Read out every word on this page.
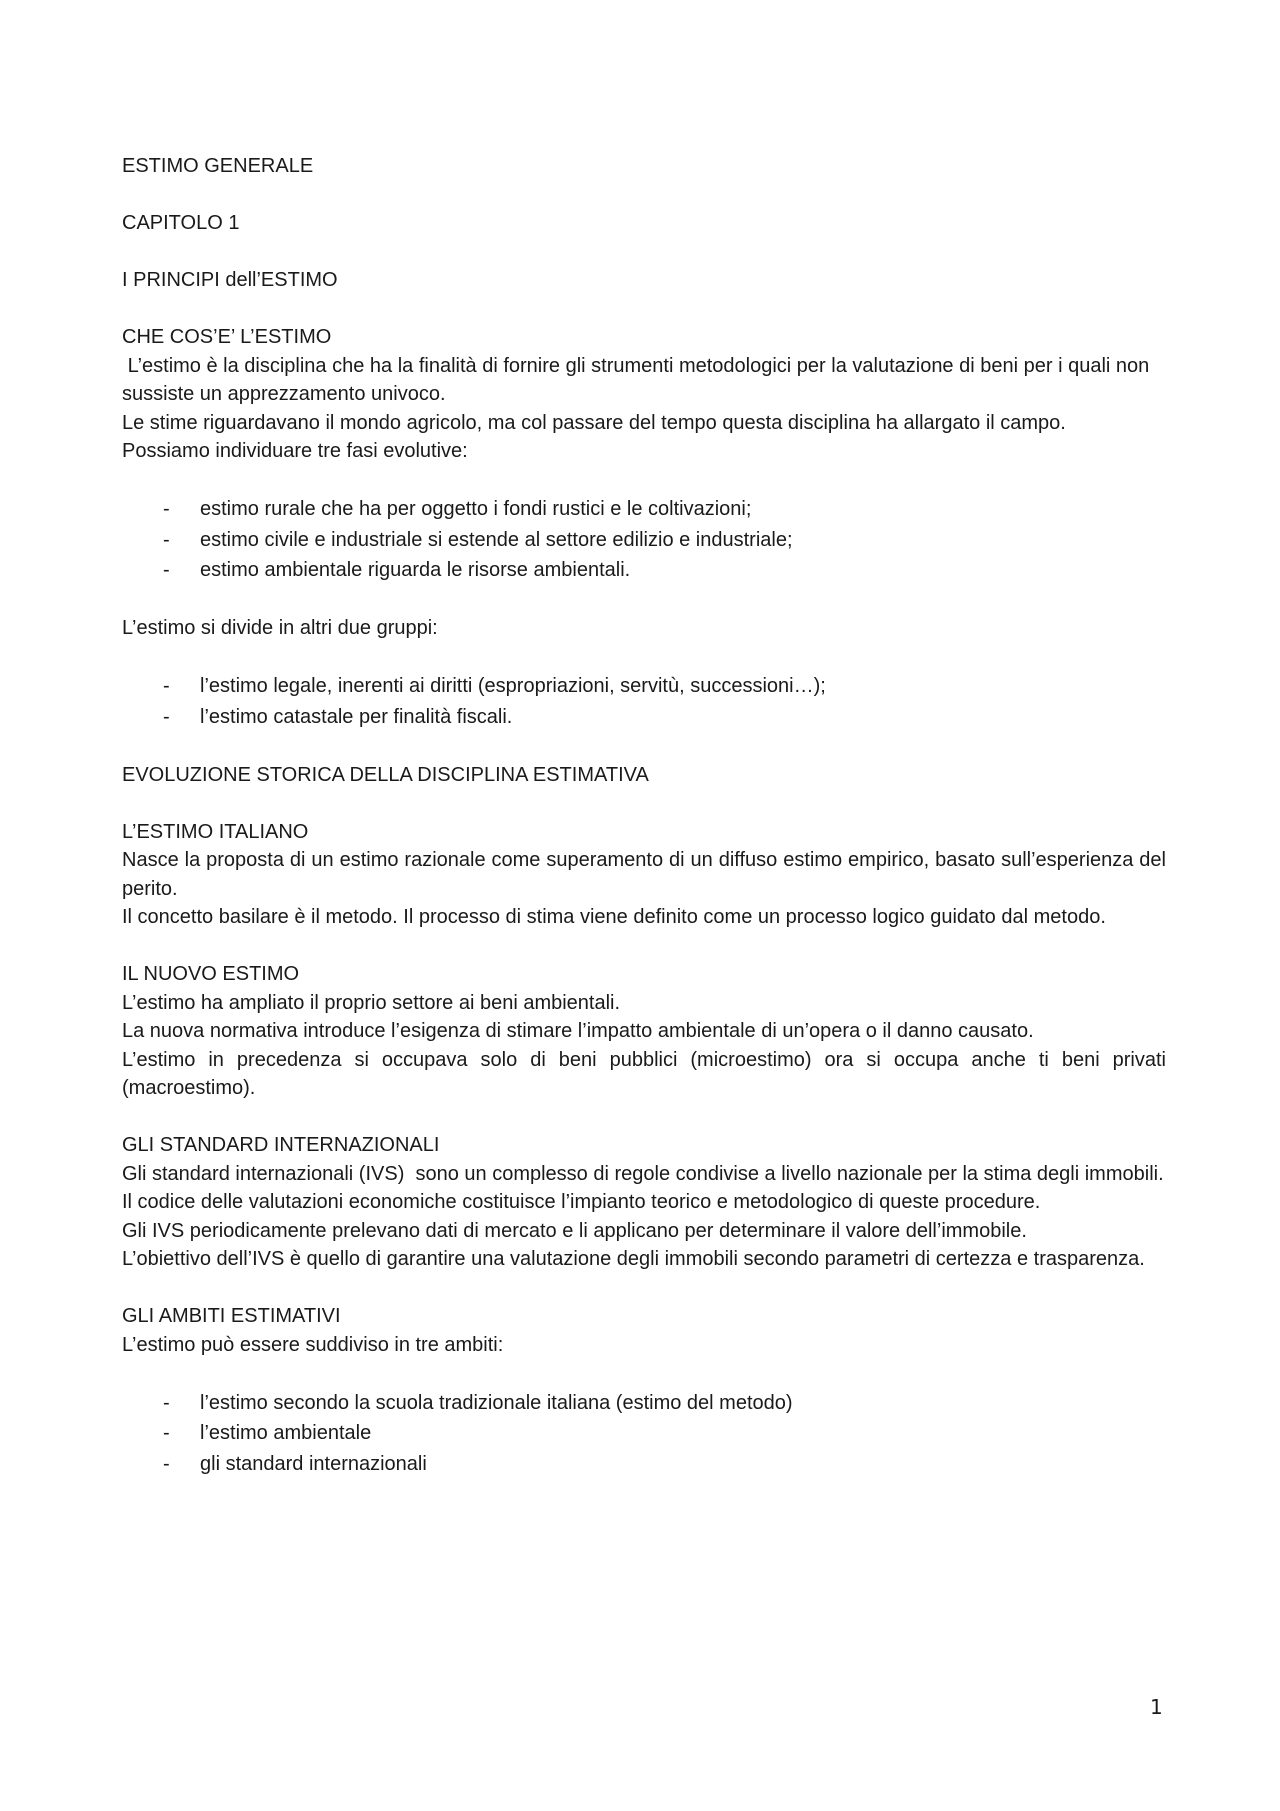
ESTIMO GENERALE

CAPITOLO 1

I PRINCIPI dell’ESTIMO

CHE COS’E’ L’ESTIMO

L’estimo è la disciplina che ha la finalità di fornire gli strumenti metodologici per la valutazione di beni per i quali non sussiste un apprezzamento univoco.

Le stime riguardavano il mondo agricolo, ma col passare del tempo questa disciplina ha allargato il campo.

Possiamo individuare tre fasi evolutive:

- estimo rurale che ha per oggetto i fondi rustici e le coltivazioni;
- estimo civile e industriale si estende al settore edilizio e industriale;
- estimo ambientale riguarda le risorse ambientali.

L’estimo si divide in altri due gruppi:

- l’estimo legale, inerenti ai diritti (espropriazioni, servitù, successioni…);
- l’estimo catastale per finalità fiscali.

EVOLUZIONE STORICA DELLA DISCIPLINA ESTIMATIVA

L’ESTIMO ITALIANO

Nasce la proposta di un estimo razionale come superamento di un diffuso estimo empirico, basato sull’esperienza del perito.

Il concetto basilare è il metodo. Il processo di stima viene definito come un processo logico guidato dal metodo.

IL NUOVO ESTIMO

L’estimo ha ampliato il proprio settore ai beni ambientali.

La nuova normativa introduce l’esigenza di stimare l’impatto ambientale di un’opera o il danno causato.

L’estimo in precedenza si occupava solo di beni pubblici (microestimo) ora si occupa anche ti beni privati (macroestimo).

GLI STANDARD INTERNAZIONALI

Gli standard internazionali (IVS)  sono un complesso di regole condivise a livello nazionale per la stima degli immobili.

Il codice delle valutazioni economiche costituisce l’impianto teorico e metodologico di queste procedure.

Gli IVS periodicamente prelevano dati di mercato e li applicano per determinare il valore dell’immobile.

L’obiettivo dell’IVS è quello di garantire una valutazione degli immobili secondo parametri di certezza e trasparenza.

GLI AMBITI ESTIMATIVI

L’estimo può essere suddiviso in tre ambiti:

- l’estimo secondo la scuola tradizionale italiana (estimo del metodo)
- l’estimo ambientale
- gli standard internazionali
1
